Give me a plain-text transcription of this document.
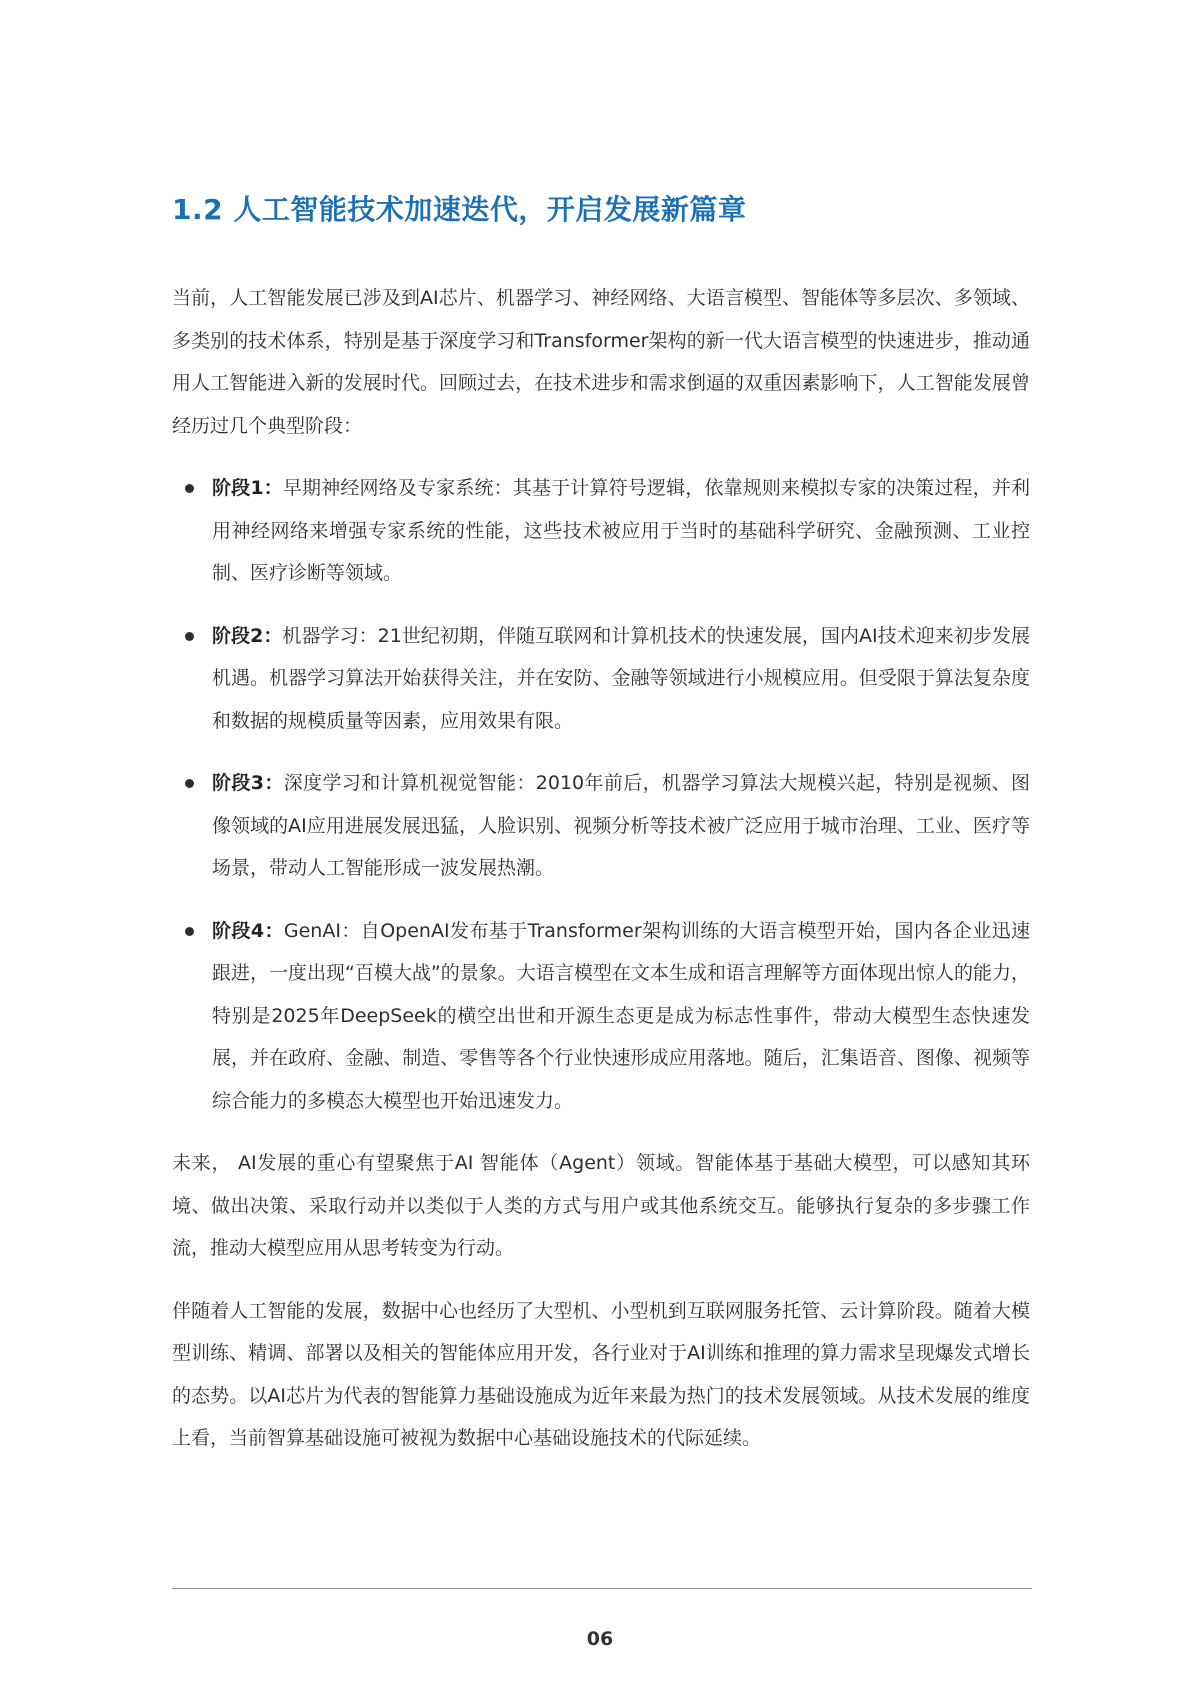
1.2 人工智能技术加速迭代，开启发展新篇章

当前，人工智能发展已涉及到AI芯片、机器学习、神经网络、大语言模型、智能体等多层次、多领域、多类别的技术体系，特别是基于深度学习和Transformer架构的新一代大语言模型的快速进步，推动通用人工智能进入新的发展时代。回顾过去，在技术进步和需求倒逼的双重因素影响下，人工智能发展曾经历过几个典型阶段：

阶段1：早期神经网络及专家系统：其基于计算符号逻辑，依靠规则来模拟专家的决策过程，并利用神经网络来增强专家系统的性能，这些技术被应用于当时的基础科学研究、金融预测、工业控制、医疗诊断等领域。
阶段2：机器学习：21世纪初期，伴随互联网和计算机技术的快速发展，国内AI技术迎来初步发展机遇。机器学习算法开始获得关注，并在安防、金融等领域进行小规模应用。但受限于算法复杂度和数据的规模质量等因素，应用效果有限。
阶段3：深度学习和计算机视觉智能：2010年前后，机器学习算法大规模兴起，特别是视频、图像领域的AI应用进展发展迅猛，人脸识别、视频分析等技术被广泛应用于城市治理、工业、医疗等场景，带动人工智能形成一波发展热潮。
阶段4：GenAI：自OpenAI发布基于Transformer架构训练的大语言模型开始，国内各企业迅速跟进，一度出现“百模大战”的景象。大语言模型在文本生成和语言理解等方面体现出惊人的能力，特别是2025年DeepSeek的横空出世和开源生态更是成为标志性事件，带动大模型生态快速发展，并在政府、金融、制造、零售等各个行业快速形成应用落地。随后，汇集语音、图像、视频等综合能力的多模态大模型也开始迅速发力。

未来， AI发展的重心有望聚焦于AI 智能体（Agent）领域。智能体基于基础大模型，可以感知其环境、做出决策、采取行动并以类似于人类的方式与用户或其他系统交互。能够执行复杂的多步骤工作流，推动大模型应用从思考转变为行动。

伴随着人工智能的发展，数据中心也经历了大型机、小型机到互联网服务托管、云计算阶段。随着大模型训练、精调、部署以及相关的智能体应用开发，各行业对于AI训练和推理的算力需求呈现爆发式增长的态势。以AI芯片为代表的智能算力基础设施成为近年来最为热门的技术发展领域。从技术发展的维度上看，当前智算基础设施可被视为数据中心基础设施技术的代际延续。

06
